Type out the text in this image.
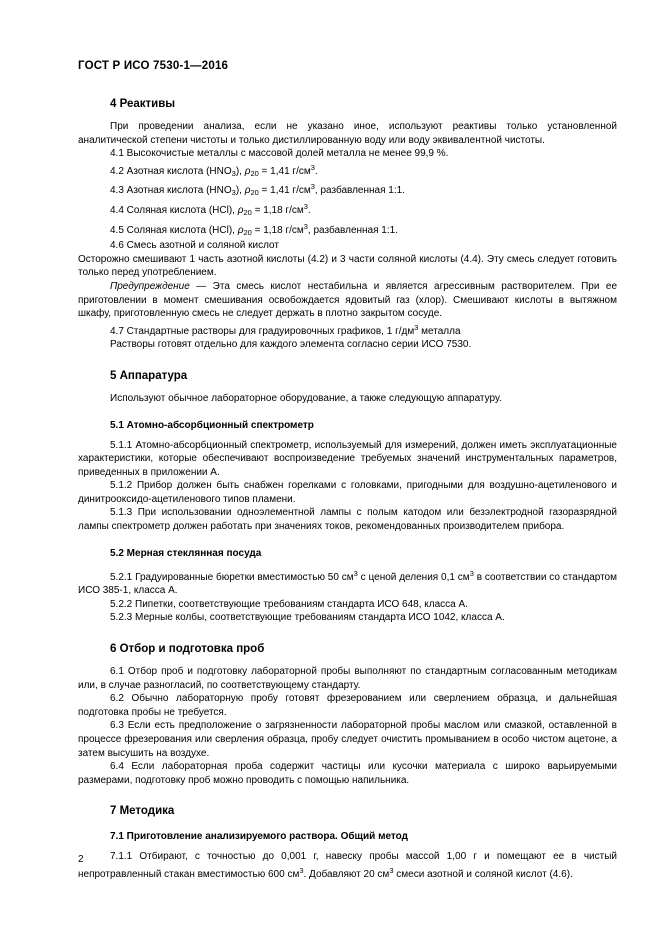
ГОСТ Р ИСО 7530-1—2016
4 Реактивы

При проведении анализа, если не указано иное, используют реактивы только установленной аналитической степени чистоты и только дистиллированную воду или воду эквивалентной чистоты.

4.1 Высокочистые металлы с массовой долей металла не менее 99,9 %.

4.2 Азотная кислота $(HNO_3)$, $\rho_{20} = 1,41$ $г/см^3$.

4.3 Азотная кислота $(HNO_3)$, $\rho_{20} = 1,41$ $г/см^3$, разбавленная 1:1.

4.4 Соляная кислота (HCl), $\rho_{20} = 1,18$ $г/см^3$.

4.5 Соляная кислота (HCl), $\rho_{20} = 1,18$ $г/см^3$, разбавленная 1:1.

4.6 Смесь азотной и соляной кислот

Осторожно смешивают 1 часть азотной кислоты (4.2) и 3 части соляной кислоты (4.4). Эту смесь следует готовить только перед употреблением.

Предупреждение — Эта смесь кислот нестабильна и является агрессивным растворителем. При ее приготовлении в момент смешивания освобождается ядовитый газ (хлор). Смешивают кислоты в вытяжном шкафу, приготовленную смесь не следует держать в плотно закрытом сосуде.

4.7 Стандартные растворы для градуировочных графиков, 1 $г/дм^3$ металла

Растворы готовят отдельно для каждого элемента согласно серии ИСО 7530.

5 Аппаратура

Используют обычное лабораторное оборудование, а также следующую аппаратуру.

5.1 Атомно-абсорбционный спектрометр

5.1.1 Атомно-абсорбционный спектрометр, используемый для измерений, должен иметь эксплуатационные характеристики, которые обеспечивают воспроизведение требуемых значений инструментальных параметров, приведенных в приложении А.

5.1.2 Прибор должен быть снабжен горелками с головками, пригодными для воздушно-ацетиленового и динитрооксидо-ацетиленового типов пламени.

5.1.3 При использовании одноэлементной лампы с полым катодом или безэлектродной газоразрядной лампы спектрометр должен работать при значениях токов, рекомендованных производителем прибора.

5.2 Мерная стеклянная посуда

5.2.1 Градуированные бюретки вместимостью 50 $см^3$ с ценой деления 0,1 $см^3$ в соответствии со стандартом ИСО 385-1, класса А.

5.2.2 Пипетки, соответствующие требованиям стандарта ИСО 648, класса А.

5.2.3 Мерные колбы, соответствующие требованиям стандарта ИСО 1042, класса А.

6 Отбор и подготовка проб

6.1 Отбор проб и подготовку лабораторной пробы выполняют по стандартным согласованным методикам или, в случае разногласий, по соответствующему стандарту.

6.2 Обычно лабораторную пробу готовят фрезерованием или сверлением образца, и дальнейшая подготовка пробы не требуется.

6.3 Если есть предположение о загрязненности лабораторной пробы маслом или смазкой, оставленной в процессе фрезерования или сверления образца, пробу следует очистить промыванием в особо чистом ацетоне, а затем высушить на воздухе.

6.4 Если лабораторная проба содержит частицы или кусочки материала с широко варьируемыми размерами, подготовку проб можно проводить с помощью напильника.

7 Методика
7.1 Приготовление анализируемого раствора. Общий метод

7.1.1 Отбирают, с точностью до 0,001 г, навеску пробы массой 1,00 г и помещают ее в чистый непротравленный стакан вместимостью 600 $см^3$. Добавляют 20 $см^3$ смеси азотной и соляной кислот (4.6).

2
